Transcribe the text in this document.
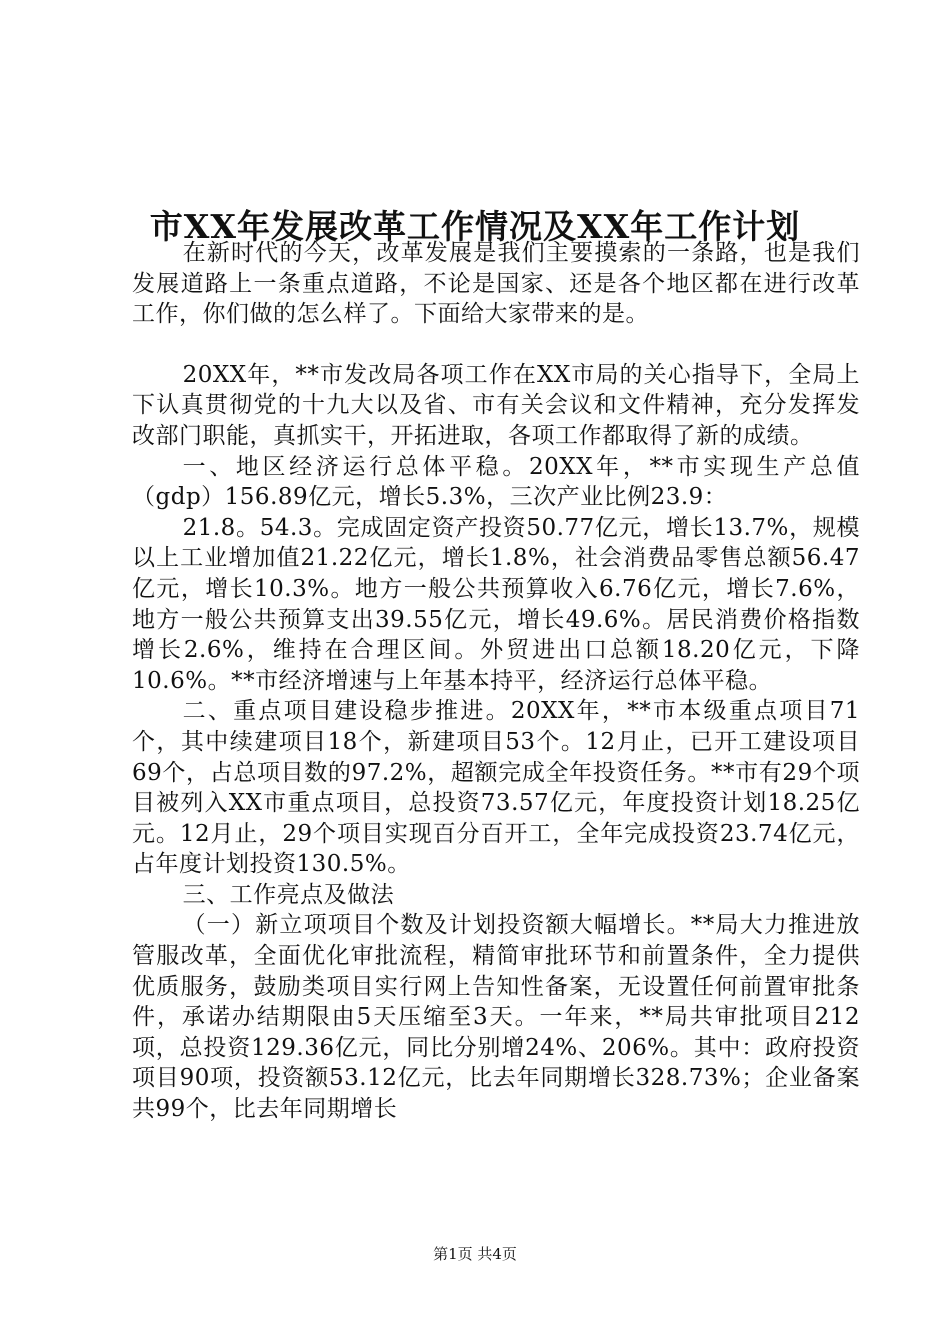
市XX年发展改革工作情况及XX年工作计划

在新时代的今天，改革发展是我们主要摸索的一条路，也是我们发展道路上一条重点道路，不论是国家、还是各个地区都在进行改革工作，你们做的怎么样了。下面给大家带来的是。

20XX年，**市发改局各项工作在XX市局的关心指导下，全局上下认真贯彻党的十九大以及省、市有关会议和文件精神，充分发挥发改部门职能，真抓实干，开拓进取，各项工作都取得了新的成绩。

一、地区经济运行总体平稳。20XX年，**市实现生产总值（gdp）156.89亿元，增长5.3%，三次产业比例23.9：

21.8。54.3。完成固定资产投资50.77亿元，增长13.7%，规模以上工业增加值21.22亿元，增长1.8%，社会消费品零售总额56.47亿元，增长10.3%。地方一般公共预算收入6.76亿元，增长7.6%，地方一般公共预算支出39.55亿元，增长49.6%。居民消费价格指数增长2.6%，维持在合理区间。外贸进出口总额18.20亿元，下降10.6%。**市经济增速与上年基本持平，经济运行总体平稳。

二、重点项目建设稳步推进。20XX年，**市本级重点项目71个，其中续建项目18个，新建项目53个。12月止，已开工建设项目69个，占总项目数的97.2%，超额完成全年投资任务。**市有29个项目被列入XX市重点项目，总投资73.57亿元，年度投资计划18.25亿元。12月止，29个项目实现百分百开工，全年完成投资23.74亿元，占年度计划投资130.5%。

三、工作亮点及做法

（一）新立项项目个数及计划投资额大幅增长。**局大力推进放管服改革，全面优化审批流程，精简审批环节和前置条件，全力提供优质服务，鼓励类项目实行网上告知性备案，无设置任何前置审批条件，承诺办结期限由5天压缩至3天。一年来，**局共审批项目212项，总投资129.36亿元，同比分别增24%、206%。其中：政府投资项目90项，投资额53.12亿元，比去年同期增长328.73%；企业备案共99个，比去年同期增长

第1页 共4页
